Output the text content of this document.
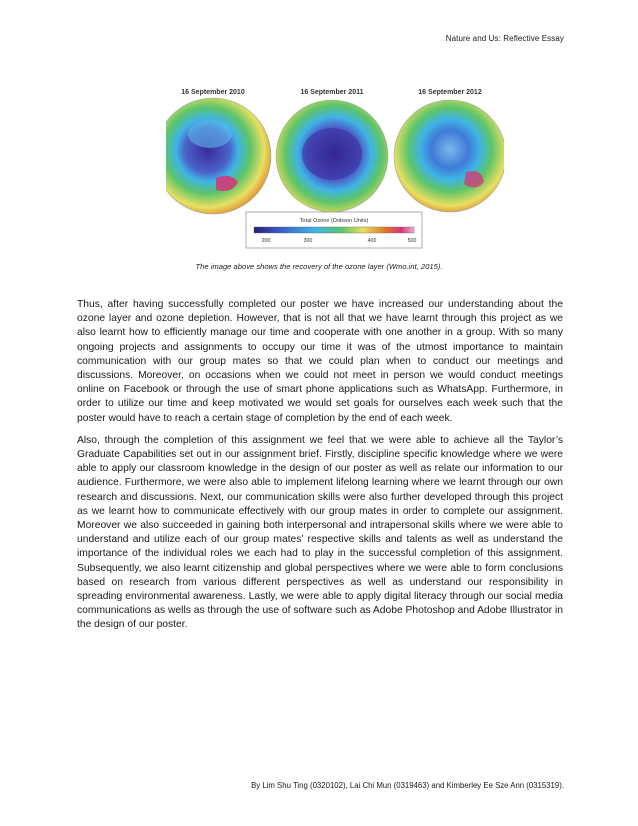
Nature and Us: Reflective Essay
16 September 2010	16 September 2011	16 September 2012
Total Ozone (Dobson Units)
200	300	400	500
The image above shows the recovery of the ozone layer (Wmo.int, 2015).

Thus, after having successfully completed our poster we have increased our understanding about the ozone layer and ozone depletion. However, that is not all that we have learnt through this project as we also learnt how to efficiently manage our time and cooperate with one another in a group. With so many ongoing projects and assignments to occupy our time it was of the utmost importance to maintain communication with our group mates so that we could plan when to conduct our meetings and discussions. Moreover, on occasions when we could not meet in person we would conduct meetings online on Facebook or through the use of smart phone applications such as WhatsApp. Furthermore, in order to utilize our time and keep motivated we would set goals for ourselves each week such that the poster would have to reach a certain stage of completion by the end of each week.

Also, through the completion of this assignment we feel that we were able to achieve all the Taylor’s Graduate Capabilities set out in our assignment brief. Firstly, discipline specific knowledge where we were able to apply our classroom knowledge in the design of our poster as well as relate our information to our audience. Furthermore, we were also able to implement lifelong learning where we learnt through our own research and discussions. Next, our communication skills were also further developed through this project as we learnt how to communicate effectively with our group mates in order to complete our assignment. Moreover we also succeeded in gaining both interpersonal and intrapersonal skills where we were able to understand and utilize each of our group mates’ respective skills and talents as well as understand the importance of the individual roles we each had to play in the successful completion of this assignment. Subsequently, we also learnt citizenship and global perspectives where we were able to form conclusions based on research from various different perspectives as well as understand our responsibility in spreading environmental awareness. Lastly, we were able to apply digital literacy through our social media communications as wells as through the use of software such as Adobe Photoshop and Adobe Illustrator in the design of our poster.

By Lim Shu Ting (0320102), Lai Chi Mun (0319463) and Kimberley Ee Sze Ann (0315319).
